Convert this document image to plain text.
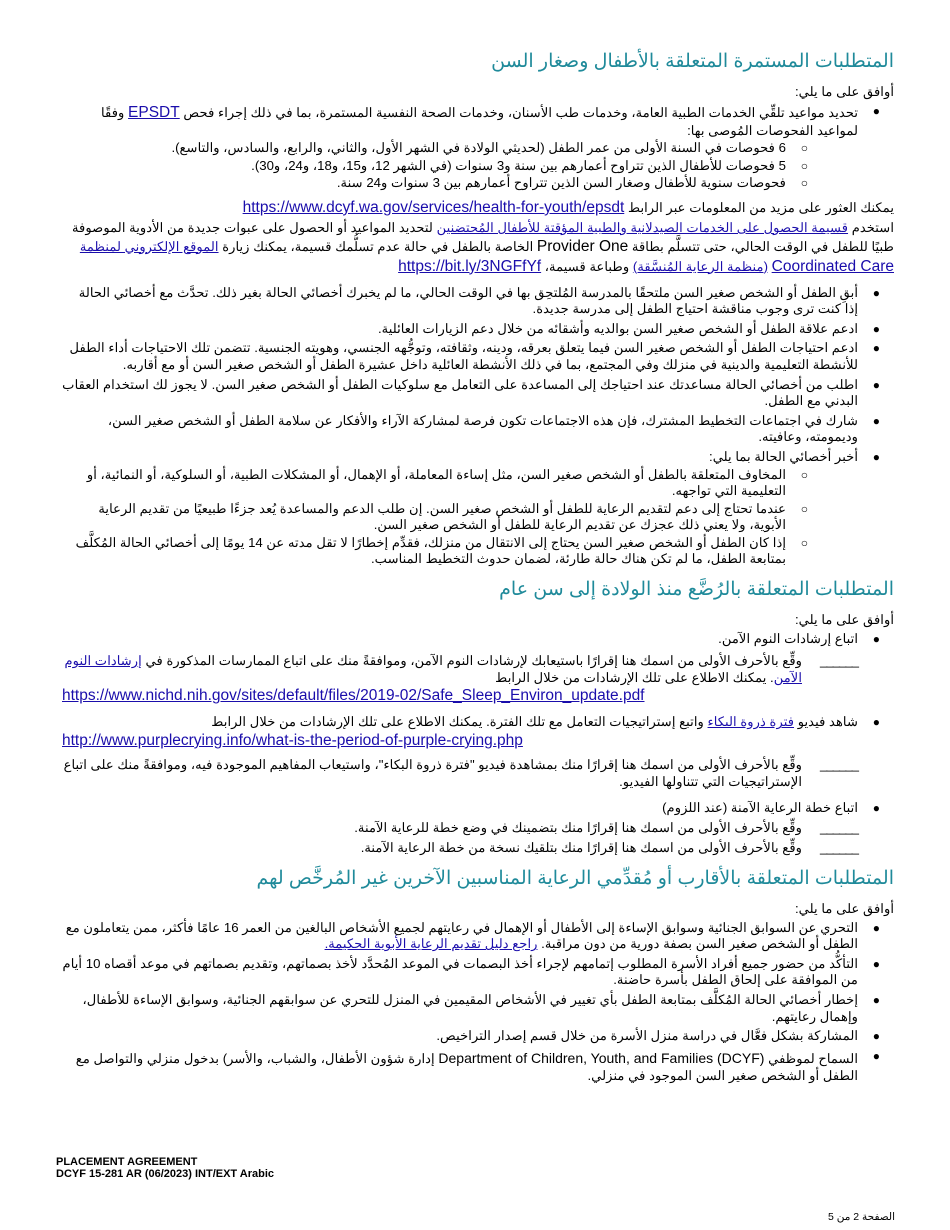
المتطلبات المستمرة المتعلقة بالأطفال وصغار السن

أوافق على ما يلي:

●
تحديد مواعيد تلقِّي الخدمات الطبية العامة، وخدمات طب الأسنان، وخدمات الصحة النفسية المستمرة، بما في ذلك إجراء فحص EPSDT وفقًا لمواعيد الفحوصات المُوصى بها:
○
6 فحوصات في السنة الأولى من عمر الطفل (لحديثي الولادة في الشهر الأول، والثاني، والرابع، والسادس، والتاسع).
○
5 فحوصات للأطفال الذين تتراوح أعمارهم بين سنة و3 سنوات (في الشهر 12، و15، و18، و24، و30).
○
فحوصات سنوية للأطفال وصغار السن الذين تتراوح أعمارهم بين 3 سنوات و24 سنة.

يمكنك العثور على مزيد من المعلومات عبر الرابط https://www.dcyf.wa.gov/services/health-for-youth/epsdt

استخدم قسيمة الحصول على الخدمات الصيدلانية والطبية المؤقتة للأطفال المُحتضنين لتحديد المواعيد أو الحصول على عبوات جديدة من الأدوية الموصوفة طبيًا للطفل في الوقت الحالي، حتى تتسلَّم بطاقة Provider One الخاصة بالطفل في حالة عدم تسلُّمك قسيمة، يمكنك زيارة الموقع الإلكتروني لمنظمة Coordinated Care (منظمة الرعاية المُنسَّقة) وطباعة قسيمة، https://bit.ly/3NGFfYf

●
أبقِ الطفل أو الشخص صغير السن ملتحقًا بالمدرسة المُلتحِق بها في الوقت الحالي، ما لم يخبرك أخصائي الحالة بغير ذلك. تحدَّث مع أخصائي الحالة إذا كنت ترى وجوب مناقشة احتياج الطفل إلى مدرسة جديدة.
●
ادعم علاقة الطفل أو الشخص صغير السن بوالديه وأشقائه من خلال دعم الزيارات العائلية.
●
ادعم احتياجات الطفل أو الشخص صغير السن فيما يتعلق بعرقه، ودينه، وثقافته، وتوجُّهه الجنسي، وهويته الجنسية. تتضمن تلك الاحتياجات أداء الطفل للأنشطة التعليمية والدينية في منزلك وفي المجتمع، بما في ذلك الأنشطة العائلية داخل عشيرة الطفل أو الشخص صغير السن أو مع أقاربه.
●
اطلب من أخصائي الحالة مساعدتك عند احتياجك إلى المساعدة على التعامل مع سلوكيات الطفل أو الشخص صغير السن. لا يجوز لك استخدام العقاب البدني مع الطفل.
●
شارك في اجتماعات التخطيط المشترك، فإن هذه الاجتماعات تكون فرصة لمشاركة الآراء والأفكار عن سلامة الطفل أو الشخص صغير السن، وديمومته، وعافيته.
●
أخبر أخصائي الحالة بما يلي:
○
المخاوف المتعلقة بالطفل أو الشخص صغير السن، مثل إساءة المعاملة، أو الإهمال، أو المشكلات الطبية، أو السلوكية، أو النمائية، أو التعليمية التي تواجهه.
○
عندما تحتاج إلى دعم لتقديم الرعاية للطفل أو الشخص صغير السن. إن طلب الدعم والمساعدة يُعد جزءًا طبيعيًا من تقديم الرعاية الأبوية، ولا يعني ذلك عجزك عن تقديم الرعاية للطفل أو الشخص صغير السن.
○
إذا كان الطفل أو الشخص صغير السن يحتاج إلى الانتقال من منزلك، فقدِّم إخطارًا لا تقل مدته عن 14 يومًا إلى أخصائي الحالة المُكلَّف بمتابعة الطفل، ما لم تكن هناك حالة طارئة، لضمان حدوث التخطيط المناسب.
المتطلبات المتعلقة بالرُضَّع منذ الولادة إلى سن عام

أوافق على ما يلي:

●
اتباع إرشادات النوم الآمن.
______
وقِّع بالأحرف الأولى من اسمك هنا إقرارًا باستيعابك لإرشادات النوم الآمن، وموافقةً منك على اتباع الممارسات المذكورة في إرشادات النوم الآمن. يمكنك الاطلاع على تلك الإرشادات من خلال الرابط
https://www.nichd.nih.gov/sites/default/files/2019-02/Safe_Sleep_Environ_update.pdf
●
شاهد فيديو فترة ذروة البكاء واتبع إستراتيجيات التعامل مع تلك الفترة. يمكنك الاطلاع على تلك الإرشادات من خلال الرابط
http://www.purplecrying.info/what-is-the-period-of-purple-crying.php
______
وقِّع بالأحرف الأولى من اسمك هنا إقرارًا منك بمشاهدة فيديو "فترة ذروة البكاء"، واستيعاب المفاهيم الموجودة فيه، وموافقةً منك على اتباع الإستراتيجيات التي تتناولها الفيديو.
●
اتباع خطة الرعاية الآمنة (عند اللزوم)
______
وقِّع بالأحرف الأولى من اسمك هنا إقرارًا منك بتضمينك في وضع خطة للرعاية الآمنة.
______
وقِّع بالأحرف الأولى من اسمك هنا إقرارًا منك بتلقيك نسخة من خطة الرعاية الآمنة.
المتطلبات المتعلقة بالأقارب أو مُقدِّمي الرعاية المناسبين الآخرين غير المُرخَّص لهم

أوافق على ما يلي:

●
التحري عن السوابق الجنائية وسوابق الإساءة إلى الأطفال أو الإهمال في رعايتهم لجميع الأشخاص البالغين من العمر 16 عامًا فأكثر، ممن يتعاملون مع الطفل أو الشخص صغير السن بصفة دورية من دون مراقبة. راجع دليل تقديم الرعاية الأبوية الحكيمة.
●
التأكُّد من حضور جميع أفراد الأسرة المطلوب إتمامهم لإجراء أخذ البصمات في الموعد المُحدَّد لأخذ بصماتهم، وتقديم بصماتهم في موعد أقصاه 10 أيام من الموافقة على إلحاق الطفل بأسرة حاضنة.
●
إخطار أخصائي الحالة المُكلَّف بمتابعة الطفل بأي تغيير في الأشخاص المقيمين في المنزل للتحري عن سوابقهم الجنائية، وسوابق الإساءة للأطفال، وإهمال رعايتهم.
●
المشاركة بشكل فعَّال في دراسة منزل الأسرة من خلال قسم إصدار التراخيص.
●
السماح لموظفي Department of Children, Youth, and Families (DCYF) إدارة شؤون الأطفال، والشباب، والأسر) بدخول منزلي والتواصل مع الطفل أو الشخص صغير السن الموجود في منزلي.
PLACEMENT AGREEMENT
DCYF 15-281 AR (06/2023) INT/EXT Arabic
الصفحة 2 من 5
